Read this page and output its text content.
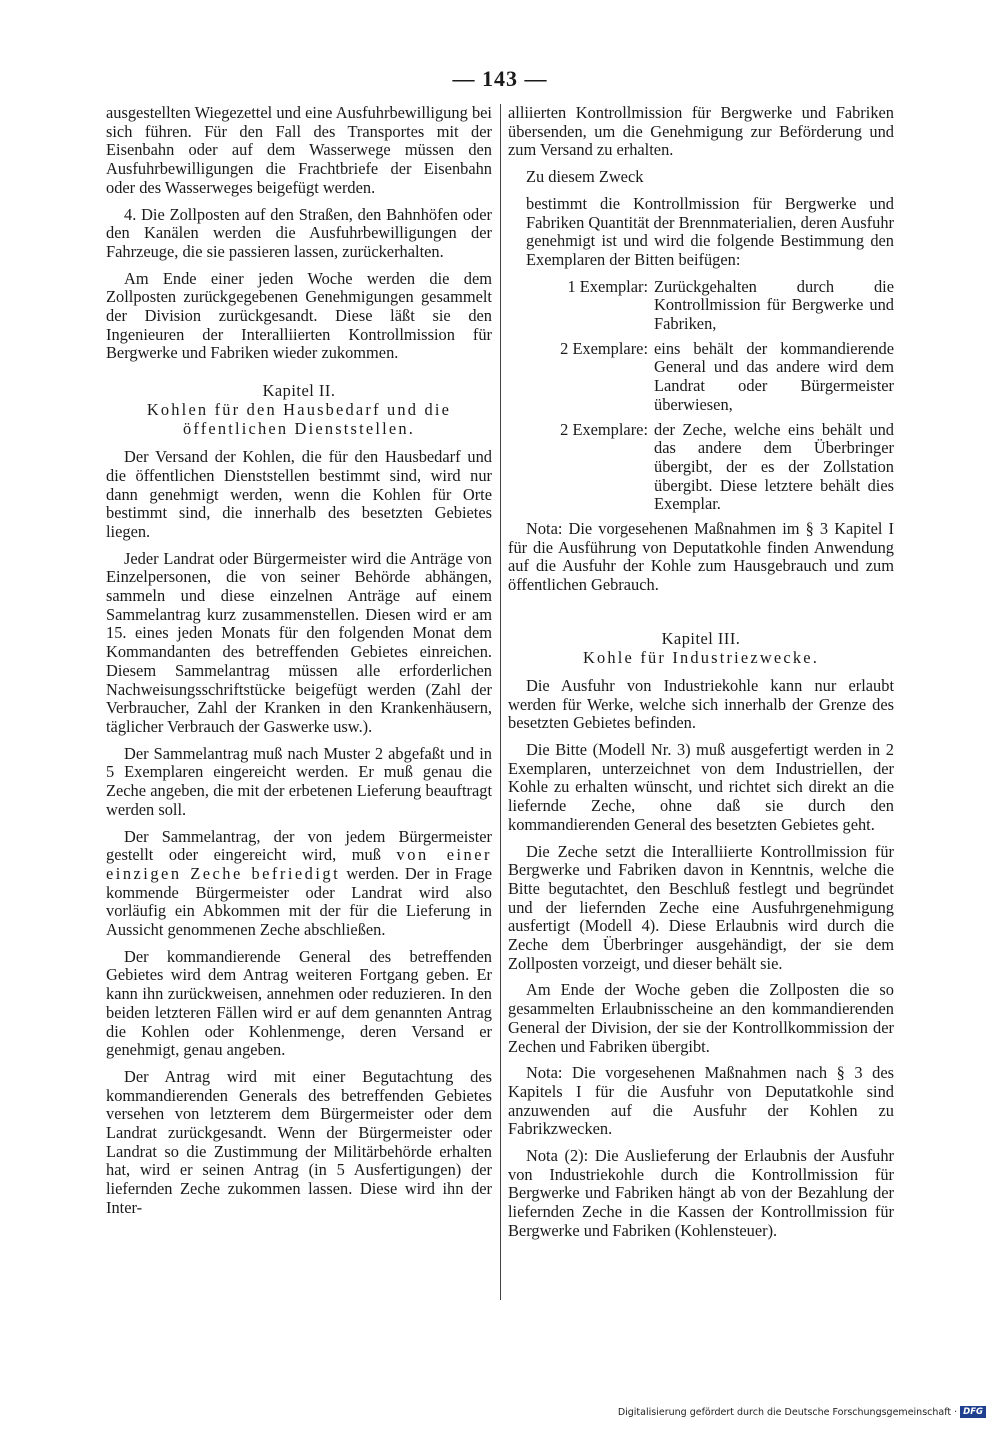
— 143 —

ausgestellten Wiegezettel und eine Ausfuhrbewilligung bei sich führen. Für den Fall des Transportes mit der Eisenbahn oder auf dem Wasserwege müssen den Ausfuhrbewilligungen die Frachtbriefe der Eisenbahn oder des Wasserweges beigefügt werden.

4. Die Zollposten auf den Straßen, den Bahnhöfen oder den Kanälen werden die Ausfuhrbewilligungen der Fahrzeuge, die sie passieren lassen, zurückerhalten.

Am Ende einer jeden Woche werden die dem Zollposten zurückgegebenen Genehmigungen gesammelt der Division zurückgesandt. Diese läßt sie den Ingenieuren der Interalliierten Kontrollmission für Bergwerke und Fabriken wieder zukommen.

Kapitel II.
Kohlen für den Hausbedarf und die öffentlichen Dienststellen.

Der Versand der Kohlen, die für den Hausbedarf und die öffentlichen Dienststellen bestimmt sind, wird nur dann genehmigt werden, wenn die Kohlen für Orte bestimmt sind, die innerhalb des besetzten Gebietes liegen.

Jeder Landrat oder Bürgermeister wird die Anträge von Einzelpersonen, die von seiner Behörde abhängen, sammeln und diese einzelnen Anträge auf einem Sammelantrag kurz zusammenstellen. Diesen wird er am 15. eines jeden Monats für den folgenden Monat dem Kommandanten des betreffenden Gebietes einreichen. Diesem Sammelantrag müssen alle erforderlichen Nachweisungsschriftstücke beigefügt werden (Zahl der Verbraucher, Zahl der Kranken in den Krankenhäusern, täglicher Verbrauch der Gaswerke usw.).

Der Sammelantrag muß nach Muster 2 abgefaßt und in 5 Exemplaren eingereicht werden. Er muß genau die Zeche angeben, die mit der erbetenen Lieferung beauftragt werden soll.

Der Sammelantrag, der von jedem Bürgermeister gestellt oder eingereicht wird, muß von einer einzigen Zeche befriedigt werden. Der in Frage kommende Bürgermeister oder Landrat wird also vorläufig ein Abkommen mit der für die Lieferung in Aussicht genommenen Zeche abschließen.

Der kommandierende General des betreffenden Gebietes wird dem Antrag weiteren Fortgang geben. Er kann ihn zurückweisen, annehmen oder reduzieren. In den beiden letzteren Fällen wird er auf dem genannten Antrag die Kohlen oder Kohlenmenge, deren Versand er genehmigt, genau angeben.

Der Antrag wird mit einer Begutachtung des kommandierenden Generals des betreffenden Gebietes versehen von letzterem dem Bürgermeister oder dem Landrat zurückgesandt. Wenn der Bürgermeister oder Landrat so die Zustimmung der Militärbehörde erhalten hat, wird er seinen Antrag (in 5 Ausfertigungen) der liefernden Zeche zukommen lassen. Diese wird ihn der Inter-

alliierten Kontrollmission für Bergwerke und Fabriken übersenden, um die Genehmigung zur Beförderung und zum Versand zu erhalten.

Zu diesem Zweck

bestimmt die Kontrollmission für Bergwerke und Fabriken Quantität der Brennmaterialien, deren Ausfuhr genehmigt ist und wird die folgende Bestimmung den Exemplaren der Bitten beifügen:

1 Exemplar: Zurückgehalten durch die Kontrollmission für Bergwerke und Fabriken,
2 Exemplare: eins behält der kommandierende General und das andere wird dem Landrat oder Bürgermeister überwiesen,
2 Exemplare: der Zeche, welche eins behält und das andere dem Überbringer übergibt, der es der Zollstation übergibt. Diese letztere behält dies Exemplar.

Nota: Die vorgesehenen Maßnahmen im § 3 Kapitel I für die Ausführung von Deputatkohle finden Anwendung auf die Ausfuhr der Kohle zum Hausgebrauch und zum öffentlichen Gebrauch.

Kapitel III.
Kohle für Industriezwecke.

Die Ausfuhr von Industriekohle kann nur erlaubt werden für Werke, welche sich innerhalb der Grenze des besetzten Gebietes befinden.

Die Bitte (Modell Nr. 3) muß ausgefertigt werden in 2 Exemplaren, unterzeichnet von dem Industriellen, der Kohle zu erhalten wünscht, und richtet sich direkt an die liefernde Zeche, ohne daß sie durch den kommandierenden General des besetzten Gebietes geht.

Die Zeche setzt die Interalliierte Kontrollmission für Bergwerke und Fabriken davon in Kenntnis, welche die Bitte begutachtet, den Beschluß festlegt und begründet und der liefernden Zeche eine Ausfuhrgenehmigung ausfertigt (Modell 4). Diese Erlaubnis wird durch die Zeche dem Überbringer ausgehändigt, der sie dem Zollposten vorzeigt, und dieser behält sie.

Am Ende der Woche geben die Zollposten die so gesammelten Erlaubnisscheine an den kommandierenden General der Division, der sie der Kontrollkommission der Zechen und Fabriken übergibt.

Nota: Die vorgesehenen Maßnahmen nach § 3 des Kapitels I für die Ausfuhr von Deputatkohle sind anzuwenden auf die Ausfuhr der Kohlen zu Fabrikzwecken.

Nota (2): Die Auslieferung der Erlaubnis der Ausfuhr von Industriekohle durch die Kontrollmission für Bergwerke und Fabriken hängt ab von der Bezahlung der liefernden Zeche in die Kassen der Kontrollmission für Bergwerke und Fabriken (Kohlensteuer).

Digitalisierung gefördert durch die Deutsche Forschungsgemeinschaft · DFG
